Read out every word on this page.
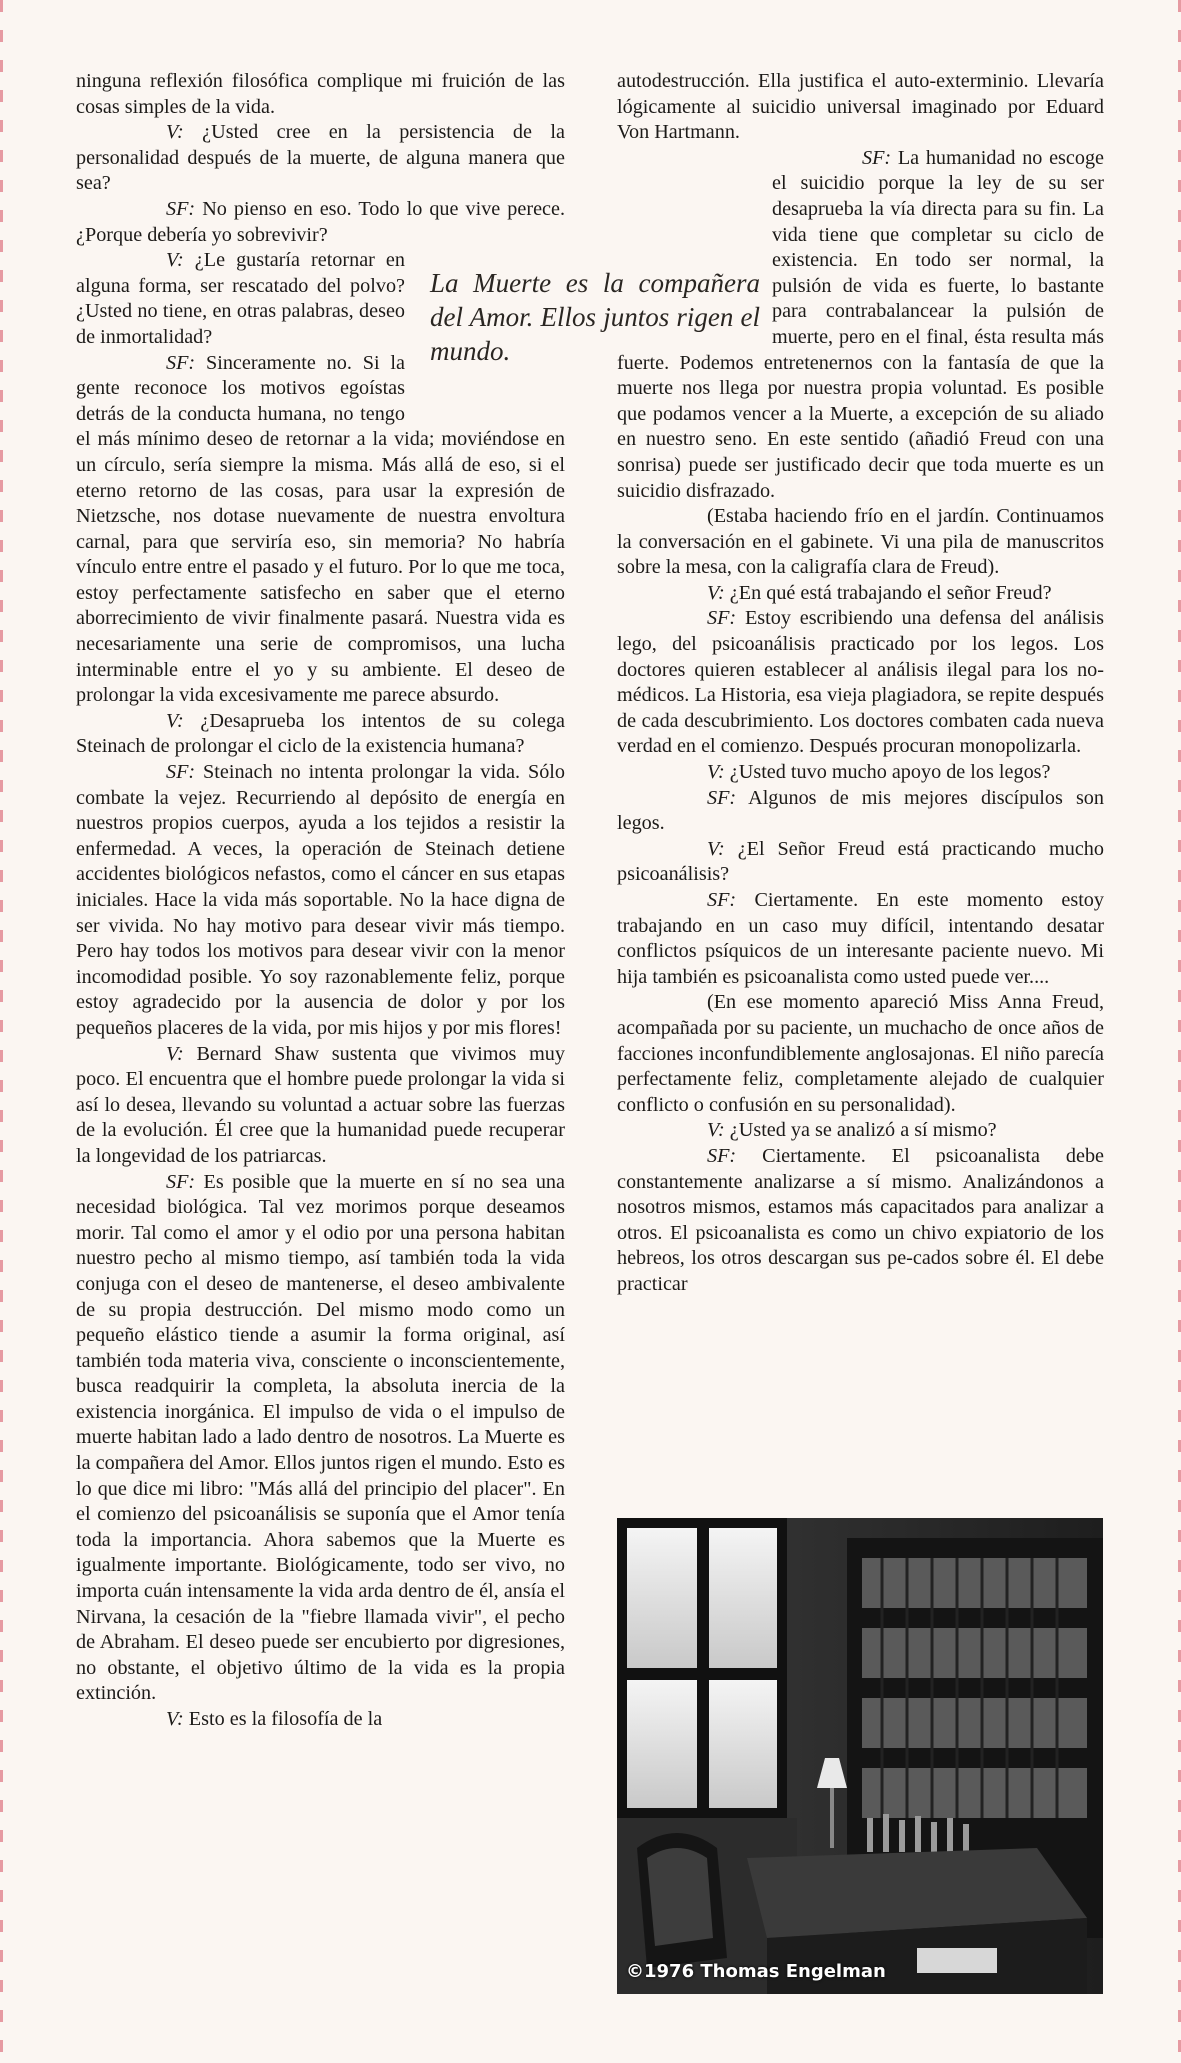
ninguna reflexión filosófica complique mi fruición de las cosas simples de la vida.

V: ¿Usted cree en la persistencia de la personalidad después de la muerte, de alguna manera que sea?

SF: No pienso en eso. Todo lo que vive perece. ¿Porque debería yo sobrevivir?

V: ¿Le gustaría retornar en alguna forma, ser rescatado del polvo? ¿Usted no tiene, en otras palabras, deseo de inmortalidad?

SF: Sinceramente no. Si la gente reconoce los motivos egoístas detrás de la conducta humana, no tengo el más mínimo deseo de retornar a la vida; moviéndose en un círculo, sería siempre la misma. Más allá de eso, si el eterno retorno de las cosas, para usar la expresión de Nietzsche, nos dotase nuevamente de nuestra envoltura carnal, para que serviría eso, sin memoria? No habría vínculo entre entre el pasado y el futuro. Por lo que me toca, estoy perfectamente satisfecho en saber que el eterno aborrecimiento de vivir finalmente pasará. Nuestra vida es necesariamente una serie de compromisos, una lucha interminable entre el yo y su ambiente. El deseo de prolongar la vida excesivamente me parece absurdo.

V: ¿Desaprueba los intentos de su colega Steinach de prolongar el ciclo de la existencia humana?

SF: Steinach no intenta prolongar la vida. Sólo combate la vejez. Recurriendo al depósito de energía en nuestros propios cuerpos, ayuda a los tejidos a resistir la enfermedad. A veces, la operación de Steinach detiene accidentes biológicos nefastos, como el cáncer en sus etapas iniciales. Hace la vida más soportable. No la hace digna de ser vivida. No hay motivo para desear vivir más tiempo. Pero hay todos los motivos para desear vivir con la menor incomodidad posible. Yo soy razonablemente feliz, porque estoy agradecido por la ausencia de dolor y por los pequeños placeres de la vida, por mis hijos y por mis flores!

V: Bernard Shaw sustenta que vivimos muy poco. El encuentra que el hombre puede prolongar la vida si así lo desea, llevando su voluntad a actuar sobre las fuerzas de la evolución. Él cree que la humanidad puede recuperar la longevidad de los patriarcas.

SF: Es posible que la muerte en sí no sea una necesidad biológica. Tal vez morimos porque deseamos morir. Tal como el amor y el odio por una persona habitan nuestro pecho al mismo tiempo, así también toda la vida conjuga con el deseo de mantenerse, el deseo ambivalente de su propia destrucción. Del mismo modo como un pequeño elástico tiende a asumir la forma original, así también toda materia viva, consciente o inconscientemente, busca readquirir la completa, la absoluta inercia de la existencia inorgánica. El impulso de vida o el impulso de muerte habitan lado a lado dentro de nosotros. La Muerte es la compañera del Amor. Ellos juntos rigen el mundo. Esto es lo que dice mi libro: "Más allá del principio del placer". En el comienzo del psicoanálisis se suponía que el Amor tenía toda la importancia. Ahora sabemos que la Muerte es igualmente importante. Biológicamente, todo ser vivo, no importa cuán intensamente la vida arda dentro de él, ansía el Nirvana, la cesación de la "fiebre llamada vivir", el pecho de Abraham. El deseo puede ser encubierto por digresiones, no obstante, el objetivo último de la vida es la propia extinción.

V: Esto es la filosofía de la

autodestrucción. Ella justifica el auto-exterminio. Llevaría lógicamente al suicidio universal imaginado por Eduard Von Hartmann.

SF: La humanidad no escoge el suicidio porque la ley de su ser desaprueba la vía directa para su fin. La vida tiene que completar su ciclo de existencia. En todo ser normal, la pulsión de vida es fuerte, lo bastante para contrabalancear la pulsión de muerte, pero en el final, ésta resulta más fuerte. Podemos entretenernos con la fantasía de que la muerte nos llega por nuestra propia voluntad. Es posible que podamos vencer a la Muerte, a excepción de su aliado en nuestro seno. En este sentido (añadió Freud con una sonrisa) puede ser justificado decir que toda muerte es un suicidio disfrazado.

(Estaba haciendo frío en el jardín. Continuamos la conversación en el gabinete. Vi una pila de manuscritos sobre la mesa, con la caligrafía clara de Freud).

V: ¿En qué está trabajando el señor Freud?

SF: Estoy escribiendo una defensa del análisis lego, del psicoanálisis practicado por los legos. Los doctores quieren establecer al análisis ilegal para los no-médicos. La Historia, esa vieja plagiadora, se repite después de cada descubrimiento. Los doctores combaten cada nueva verdad en el comienzo. Después procuran monopolizarla.

V: ¿Usted tuvo mucho apoyo de los legos?

SF: Algunos de mis mejores discípulos son legos.

V: ¿El Señor Freud está practicando mucho psicoanálisis?

SF: Ciertamente. En este momento estoy trabajando en un caso muy difícil, intentando desatar conflictos psíquicos de un interesante paciente nuevo. Mi hija también es psicoanalista como usted puede ver....

(En ese momento apareció Miss Anna Freud, acompañada por su paciente, un muchacho de once años de facciones inconfundiblemente anglosajonas. El niño parecía perfectamente feliz, completamente alejado de cualquier conflicto o confusión en su personalidad).

V: ¿Usted ya se analizó a sí mismo?

SF: Ciertamente. El psicoanalista debe constantemente analizarse a sí mismo. Analizándonos a nosotros mismos, estamos más capacitados para analizar a otros. El psicoanalista es como un chivo expiatorio de los hebreos, los otros descargan sus pe-cados sobre él. El debe practicar

La Muerte es la compañera del Amor. Ellos juntos rigen el mundo.
©1976 Thomas Engelman
